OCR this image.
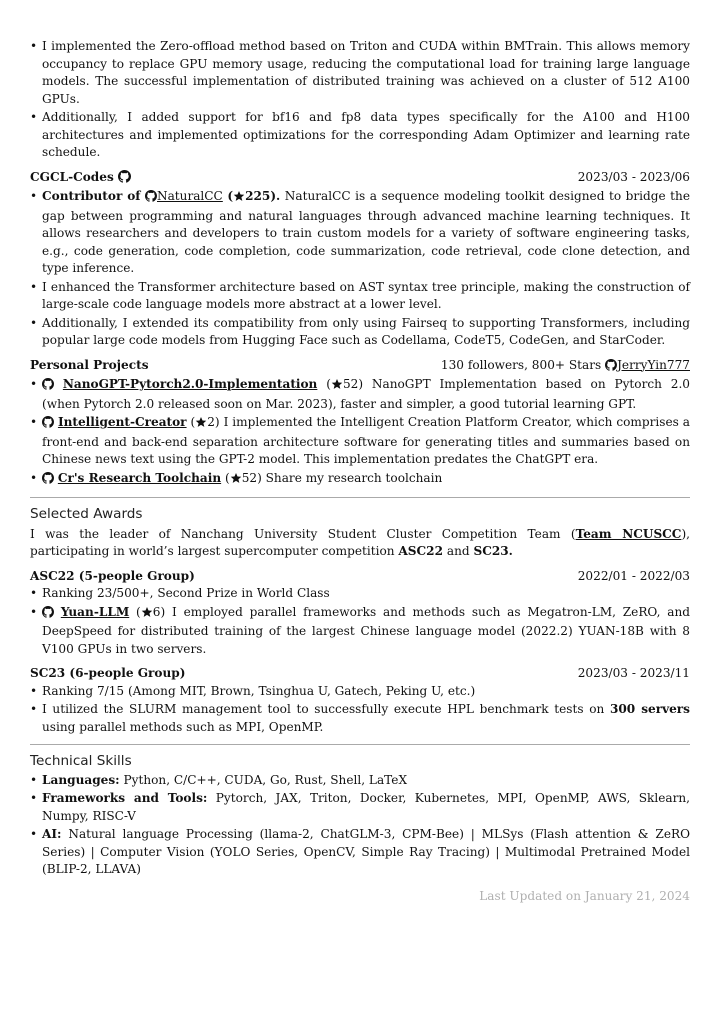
• I implemented the Zero-offload method based on Triton and CUDA within BMTrain. This allows memory occupancy to replace GPU memory usage, reducing the computational load for training large language models. The successful implementation of distributed training was achieved on a cluster of 512 A100 GPUs.
• Additionally, I added support for bf16 and fp8 data types specifically for the A100 and H100 architectures and implemented optimizations for the corresponding Adam Optimizer and learning rate schedule.
CGCL-Codes	2023/03 - 2023/06
• Contributor of NaturalCC ( 225). NaturalCC is a sequence modeling toolkit designed to bridge the gap between programming and natural languages through advanced machine learning techniques. It allows researchers and developers to train custom models for a variety of software engineering tasks, e.g., code generation, code completion, code summarization, code retrieval, code clone detection, and type inference.
• I enhanced the Transformer architecture based on AST syntax tree principle, making the construction of large-scale code language models more abstract at a lower level.
• Additionally, I extended its compatibility from only using Fairseq to supporting Transformers, including popular large code models from Hugging Face such as Codellama, CodeT5, CodeGen, and StarCoder.
Personal Projects	130 followers, 800+ Stars JerryYin777
• NanoGPT-Pytorch2.0-Implementation ( 52) NanoGPT Implementation based on Pytorch 2.0 (when Pytorch 2.0 released soon on Mar. 2023), faster and simpler, a good tutorial learning GPT.
• Intelligent-Creator ( 2) I implemented the Intelligent Creation Platform Creator, which comprises a front-end and back-end separation architecture software for generating titles and summaries based on Chinese news text using the GPT-2 model. This implementation predates the ChatGPT era.
• Cr's Research Toolchain ( 52) Share my research toolchain
Selected Awards
I was the leader of Nanchang University Student Cluster Competition Team (Team NCUSCC), participating in world’s largest supercomputer competition ASC22 and SC23.
ASC22 (5-people Group)	2022/01 - 2022/03
• Ranking 23/500+, Second Prize in World Class
• Yuan-LLM ( 6) I employed parallel frameworks and methods such as Megatron-LM, ZeRO, and DeepSpeed for distributed training of the largest Chinese language model (2022.2) YUAN-18B with 8 V100 GPUs in two servers.
SC23 (6-people Group)	2023/03 - 2023/11
• Ranking 7/15 (Among MIT, Brown, Tsinghua U, Gatech, Peking U, etc.)
• I utilized the SLURM management tool to successfully execute HPL benchmark tests on 300 servers using parallel methods such as MPI, OpenMP.
Technical Skills
• Languages: Python, C/C++, CUDA, Go, Rust, Shell, LaTeX
• Frameworks and Tools: Pytorch, JAX, Triton, Docker, Kubernetes, MPI, OpenMP, AWS, Sklearn, Numpy, RISC-V
• AI: Natural language Processing (llama-2, ChatGLM-3, CPM-Bee) | MLSys (Flash attention & ZeRO Series) | Computer Vision (YOLO Series, OpenCV, Simple Ray Tracing) | Multimodal Pretrained Model (BLIP-2, LLAVA)
Last Updated on January 21, 2024
